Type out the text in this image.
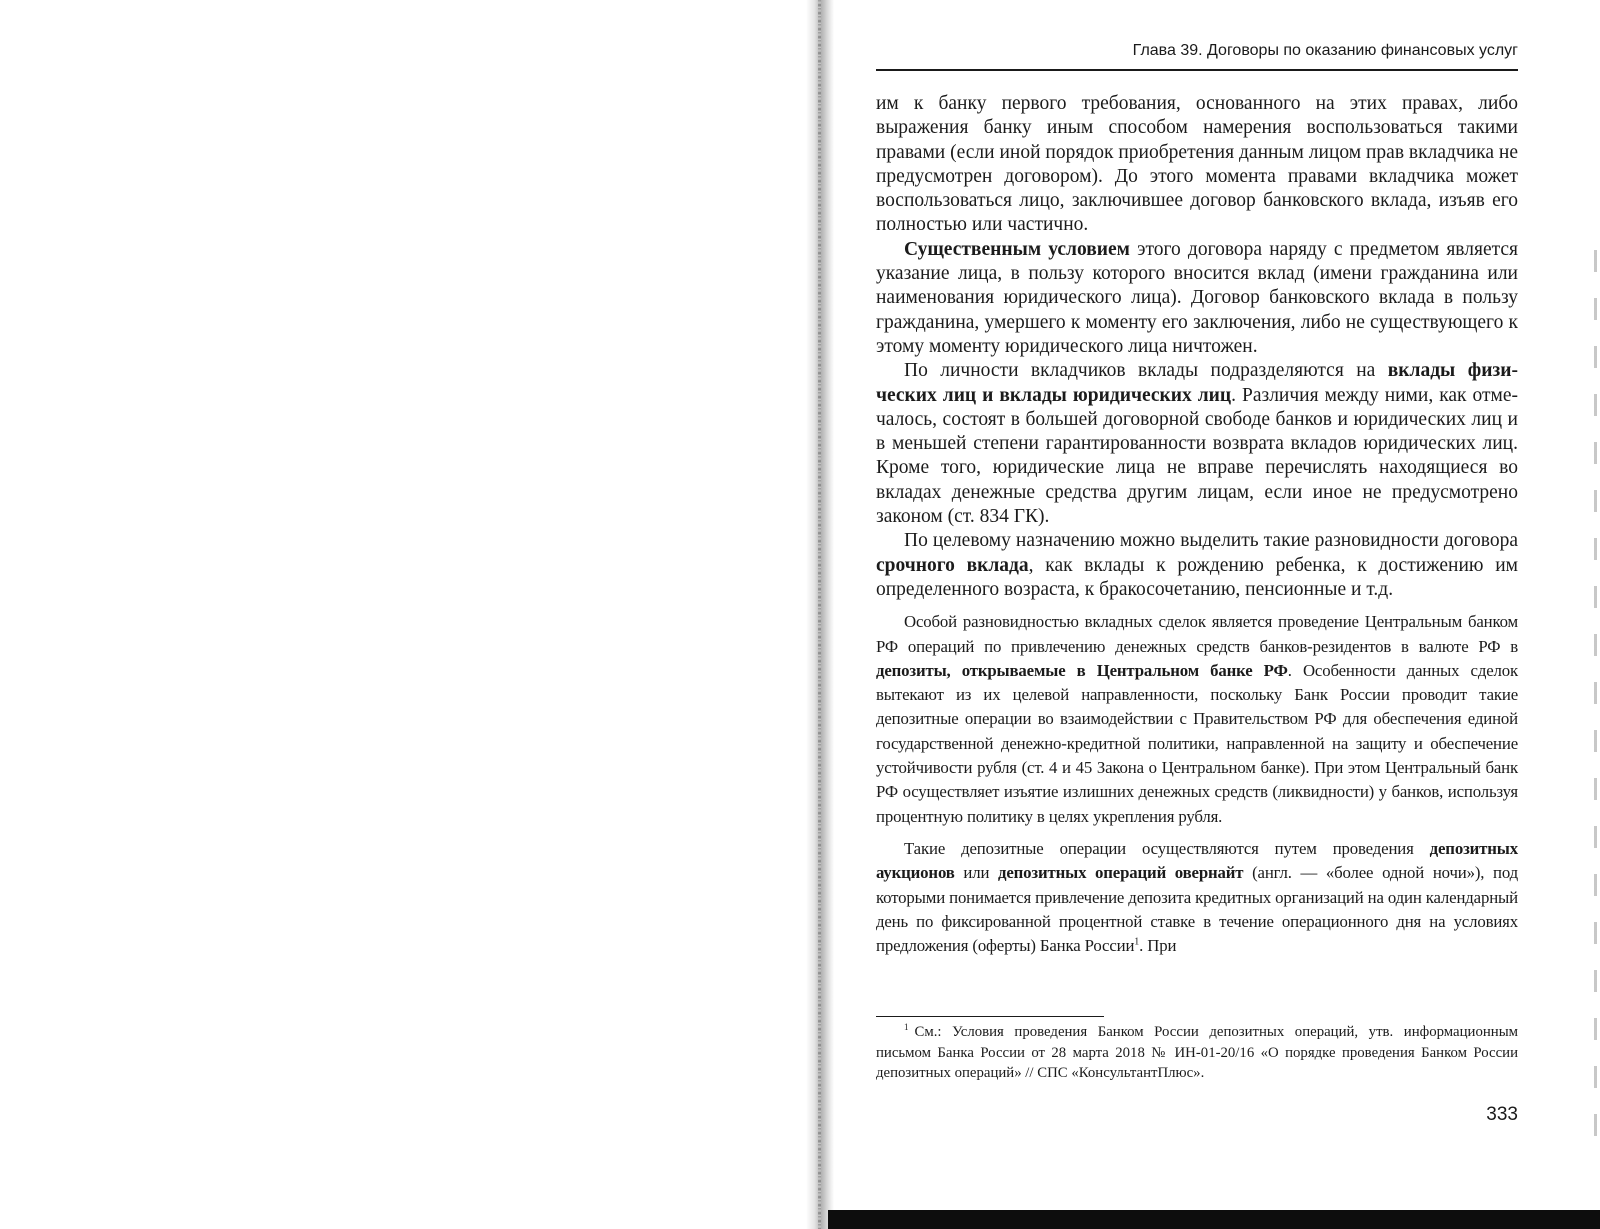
Глава 39. Договоры по оказанию финансовых услуг

им к банку первого требования, основанного на этих правах, либо выражения банку иным способом намерения воспользоваться такими правами (если иной порядок приобретения данным лицом прав вкладчика не предусмотрен договором). До этого момента правами вкладчика может воспользоваться лицо, заключившее договор банковского вклада, изъяв его полностью или частично.

Существенным условием этого договора наряду с предметом является указание лица, в пользу которого вносится вклад (имени гражданина или наименования юридического лица). Договор банковского вклада в пользу гражданина, умершего к моменту его заключения, либо не существующего к этому моменту юридического лица ничтожен.

По личности вкладчиков вклады подразделяются на вклады физических лиц и вклады юридических лиц. Различия между ними, как отмечалось, состоят в большей договорной свободе банков и юридических лиц и в меньшей степени гарантированности возврата вкладов юридических лиц. Кроме того, юридические лица не вправе перечислять находящиеся во вкладах денежные средства другим лицам, если иное не предусмотрено законом (ст. 834 ГК).

По целевому назначению можно выделить такие разновидности договора срочного вклада, как вклады к рождению ребенка, к достижению им определенного возраста, к бракосочетанию, пенсионные и т.д.

Особой разновидностью вкладных сделок является проведение Центральным банком РФ операций по привлечению денежных средств банков-резидентов в валюте РФ в депозиты, открываемые в Центральном банке РФ. Особенности данных сделок вытекают из их целевой направленности, поскольку Банк России проводит такие депозитные операции во взаимодействии с Правительством РФ для обеспечения единой государственной денежно-кредитной политики, направленной на защиту и обеспечение устойчивости рубля (ст. 4 и 45 Закона о Центральном банке). При этом Центральный банк РФ осуществляет изъятие излишних денежных средств (ликвидности) у банков, используя процентную политику в целях укрепления рубля.

Такие депозитные операции осуществляются путем проведения депозитных аукционов или депозитных операций овернайт (англ. — «более одной ночи»), под которыми понимается привлечение депозита кредитных организаций на один календарный день по фиксированной процентной ставке в течение операционного дня на условиях предложения (оферты) Банка России$^1$. При

$^1$ См.: Условия проведения Банком России депозитных операций, утв. информационным письмом Банка России от 28 марта 2018 № ИН-01-20/16 «О порядке проведения Банком России депозитных операций» // СПС «КонсультантПлюс».

333
